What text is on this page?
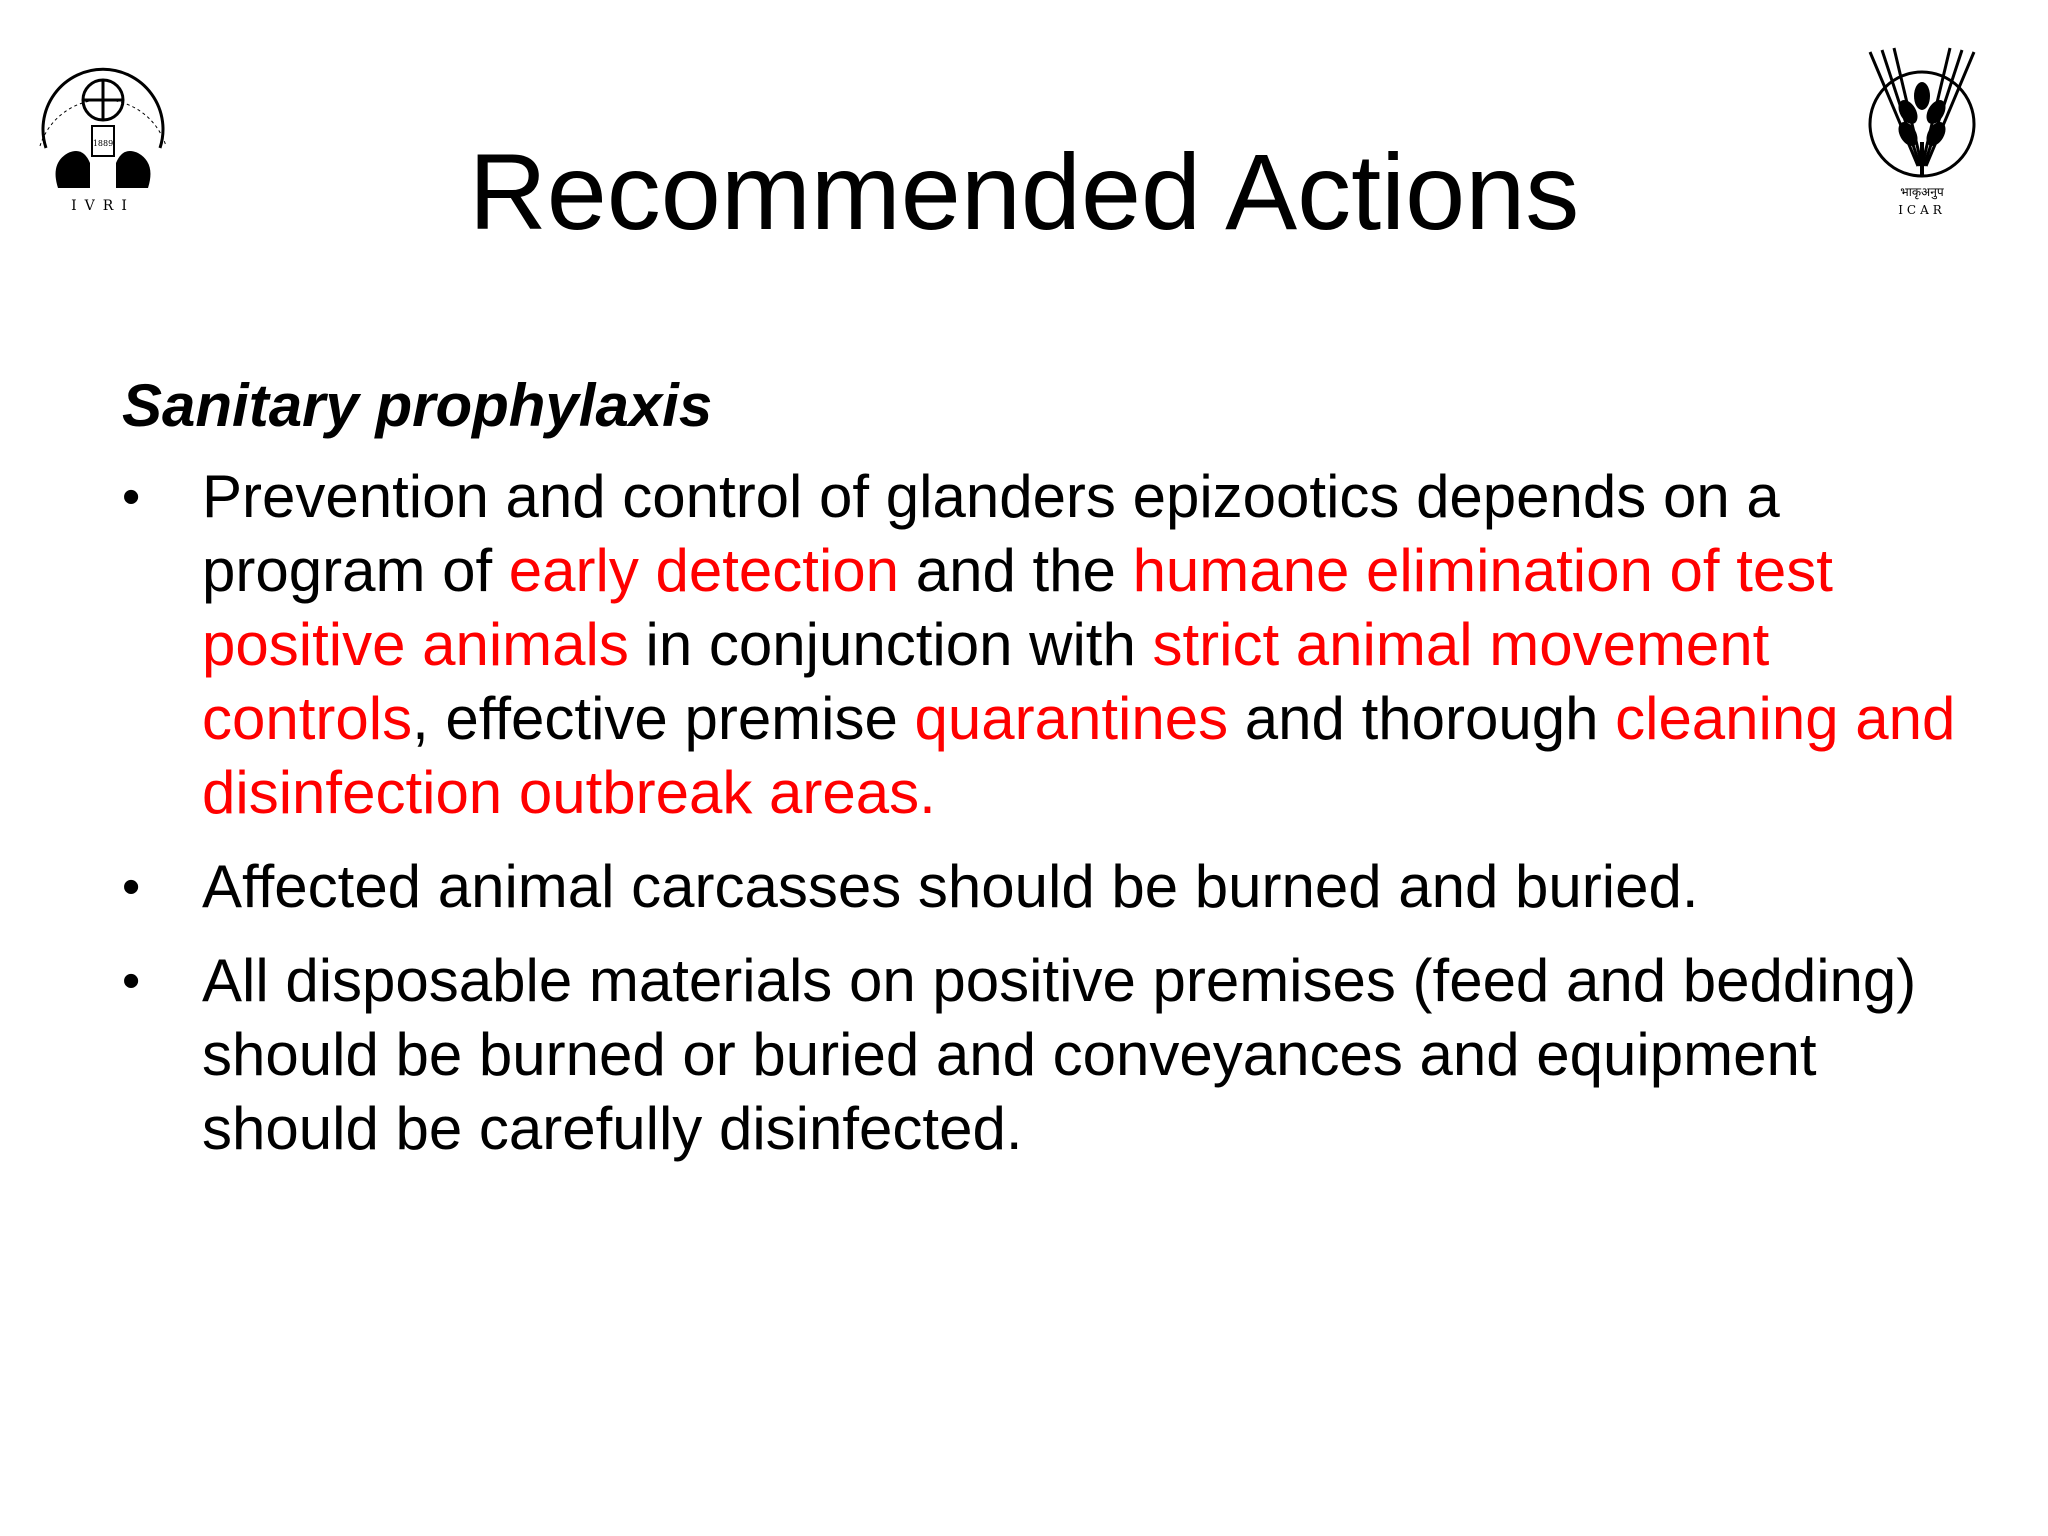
1889
IVRI
भाकृअनुप
ICAR
Recommended Actions
Sanitary prophylaxis
•	Prevention and control of glanders epizootics depends on a program of early detection and the humane elimination of test positive animals in conjunction with strict animal movement controls, effective premise quarantines and thorough cleaning and disinfection outbreak areas.
•	Affected animal carcasses should be burned and buried.
•	All disposable materials on positive premises (feed and bedding) should be burned or buried and conveyances and equipment should be carefully disinfected.
